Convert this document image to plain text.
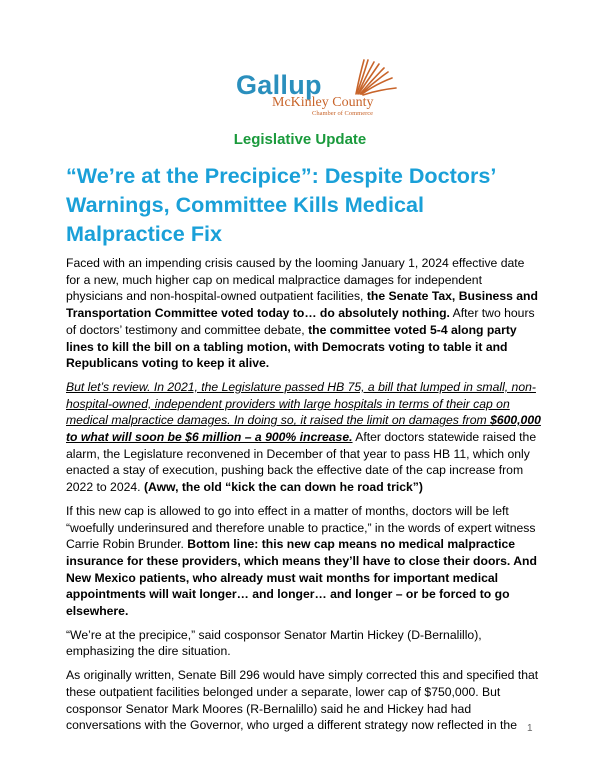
Gallup
McKinley County
Chamber of Commerce
Legislative Update
“We’re at the Precipice”: Despite Doctors’ Warnings, Committee Kills Medical Malpractice Fix

Faced with an impending crisis caused by the looming January 1, 2024 effective date for a new, much higher cap on medical malpractice damages for independent physicians and non-hospital-owned outpatient facilities, the Senate Tax, Business and Transportation Committee voted today to… do absolutely nothing. After two hours of doctors’ testimony and committee debate, the committee voted 5-4 along party lines to kill the bill on a tabling motion, with Democrats voting to table it and Republicans voting to keep it alive.

But let’s review. In 2021, the Legislature passed HB 75, a bill that lumped in small, non-hospital-owned, independent providers with large hospitals in terms of their cap on medical malpractice damages. In doing so, it raised the limit on damages from $600,000 to what will soon be $6 million – a 900% increase. After doctors statewide raised the alarm, the Legislature reconvened in December of that year to pass HB 11, which only enacted a stay of execution, pushing back the effective date of the cap increase from 2022 to 2024. (Aww, the old “kick the can down he road trick”)

If this new cap is allowed to go into effect in a matter of months, doctors will be left “woefully underinsured and therefore unable to practice,” in the words of expert witness Carrie Robin Brunder. Bottom line: this new cap means no medical malpractice insurance for these providers, which means they’ll have to close their doors. And New Mexico patients, who already must wait months for important medical appointments will wait longer… and longer… and longer – or be forced to go elsewhere.

“We’re at the precipice,” said cosponsor Senator Martin Hickey (D-Bernalillo), emphasizing the dire situation.

As originally written, Senate Bill 296 would have simply corrected this and specified that these outpatient facilities belonged under a separate, lower cap of $750,000. But cosponsor Senator Mark Moores (R-Bernalillo) said he and Hickey had had conversations with the Governor, who urged a different strategy now reflected in the	1
